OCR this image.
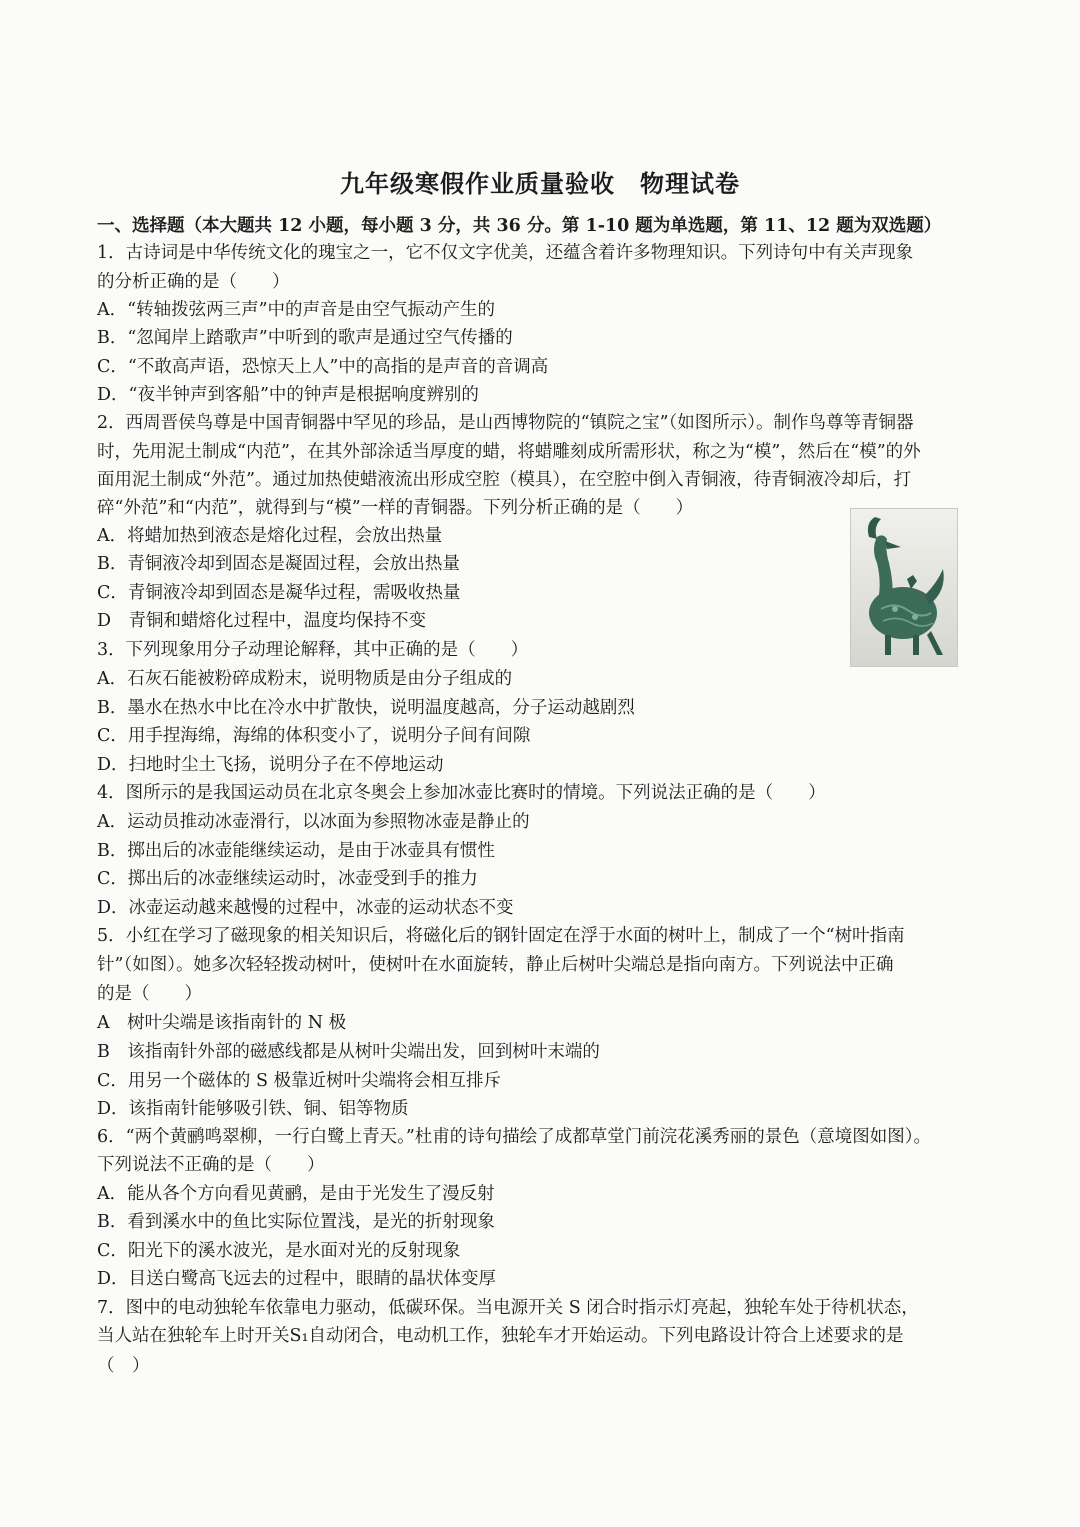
九年级寒假作业质量验收　物理试卷
一、选择题（本大题共 12 小题，每小题 3 分，共 36 分。第 1-10 题为单选题，第 11、12 题为双选题）
1．古诗词是中华传统文化的瑰宝之一，它不仅文字优美，还蕴含着许多物理知识。下列诗句中有关声现象
的分析正确的是（　　）
A．“转轴拨弦两三声”中的声音是由空气振动产生的
B．“忽闻岸上踏歌声”中听到的歌声是通过空气传播的
C．“不敢高声语，恐惊天上人”中的高指的是声音的音调高
D．“夜半钟声到客船”中的钟声是根据响度辨别的
2．西周晋侯鸟尊是中国青铜器中罕见的珍品，是山西博物院的“镇院之宝”（如图所示）。制作鸟尊等青铜器
时，先用泥土制成“内范”，在其外部涂适当厚度的蜡，将蜡雕刻成所需形状，称之为“模”，然后在“模”的外
面用泥土制成“外范”。通过加热使蜡液流出形成空腔（模具），在空腔中倒入青铜液，待青铜液冷却后，打
碎“外范”和“内范”，就得到与“模”一样的青铜器。下列分析正确的是（　　）
A．将蜡加热到液态是熔化过程，会放出热量
B．青铜液冷却到固态是凝固过程，会放出热量
C．青铜液冷却到固态是凝华过程，需吸收热量
D　青铜和蜡熔化过程中，温度均保持不变
3．下列现象用分子动理论解释，其中正确的是（　　）
A．石灰石能被粉碎成粉末，说明物质是由分子组成的
B．墨水在热水中比在冷水中扩散快，说明温度越高，分子运动越剧烈
C．用手捏海绵，海绵的体积变小了，说明分子间有间隙
D．扫地时尘土飞扬，说明分子在不停地运动
4．图所示的是我国运动员在北京冬奥会上参加冰壶比赛时的情境。下列说法正确的是（　　）
A．运动员推动冰壶滑行，以冰面为参照物冰壶是静止的
B．掷出后的冰壶能继续运动，是由于冰壶具有惯性
C．掷出后的冰壶继续运动时，冰壶受到手的推力
D．冰壶运动越来越慢的过程中，冰壶的运动状态不变
5．小红在学习了磁现象的相关知识后，将磁化后的钢针固定在浮于水面的树叶上，制成了一个“树叶指南
针”（如图）。她多次轻轻拨动树叶，使树叶在水面旋转，静止后树叶尖端总是指向南方。下列说法中正确
的是（　　）
A　树叶尖端是该指南针的 N 极
B　该指南针外部的磁感线都是从树叶尖端出发，回到树叶末端的
C．用另一个磁体的 S 极靠近树叶尖端将会相互排斥
D．该指南针能够吸引铁、铜、铝等物质
6．“两个黄鹂鸣翠柳，一行白鹭上青天。”杜甫的诗句描绘了成都草堂门前浣花溪秀丽的景色（意境图如图）。
下列说法不正确的是（　　）
A．能从各个方向看见黄鹂，是由于光发生了漫反射
B．看到溪水中的鱼比实际位置浅，是光的折射现象
C．阳光下的溪水波光，是水面对光的反射现象
D．目送白鹭高飞远去的过程中，眼睛的晶状体变厚
7．图中的电动独轮车依靠电力驱动，低碳环保。当电源开关 S 闭合时指示灯亮起，独轮车处于待机状态，
当人站在独轮车上时开关S₁自动闭合，电动机工作，独轮车才开始运动。下列电路设计符合上述要求的是
（　）
